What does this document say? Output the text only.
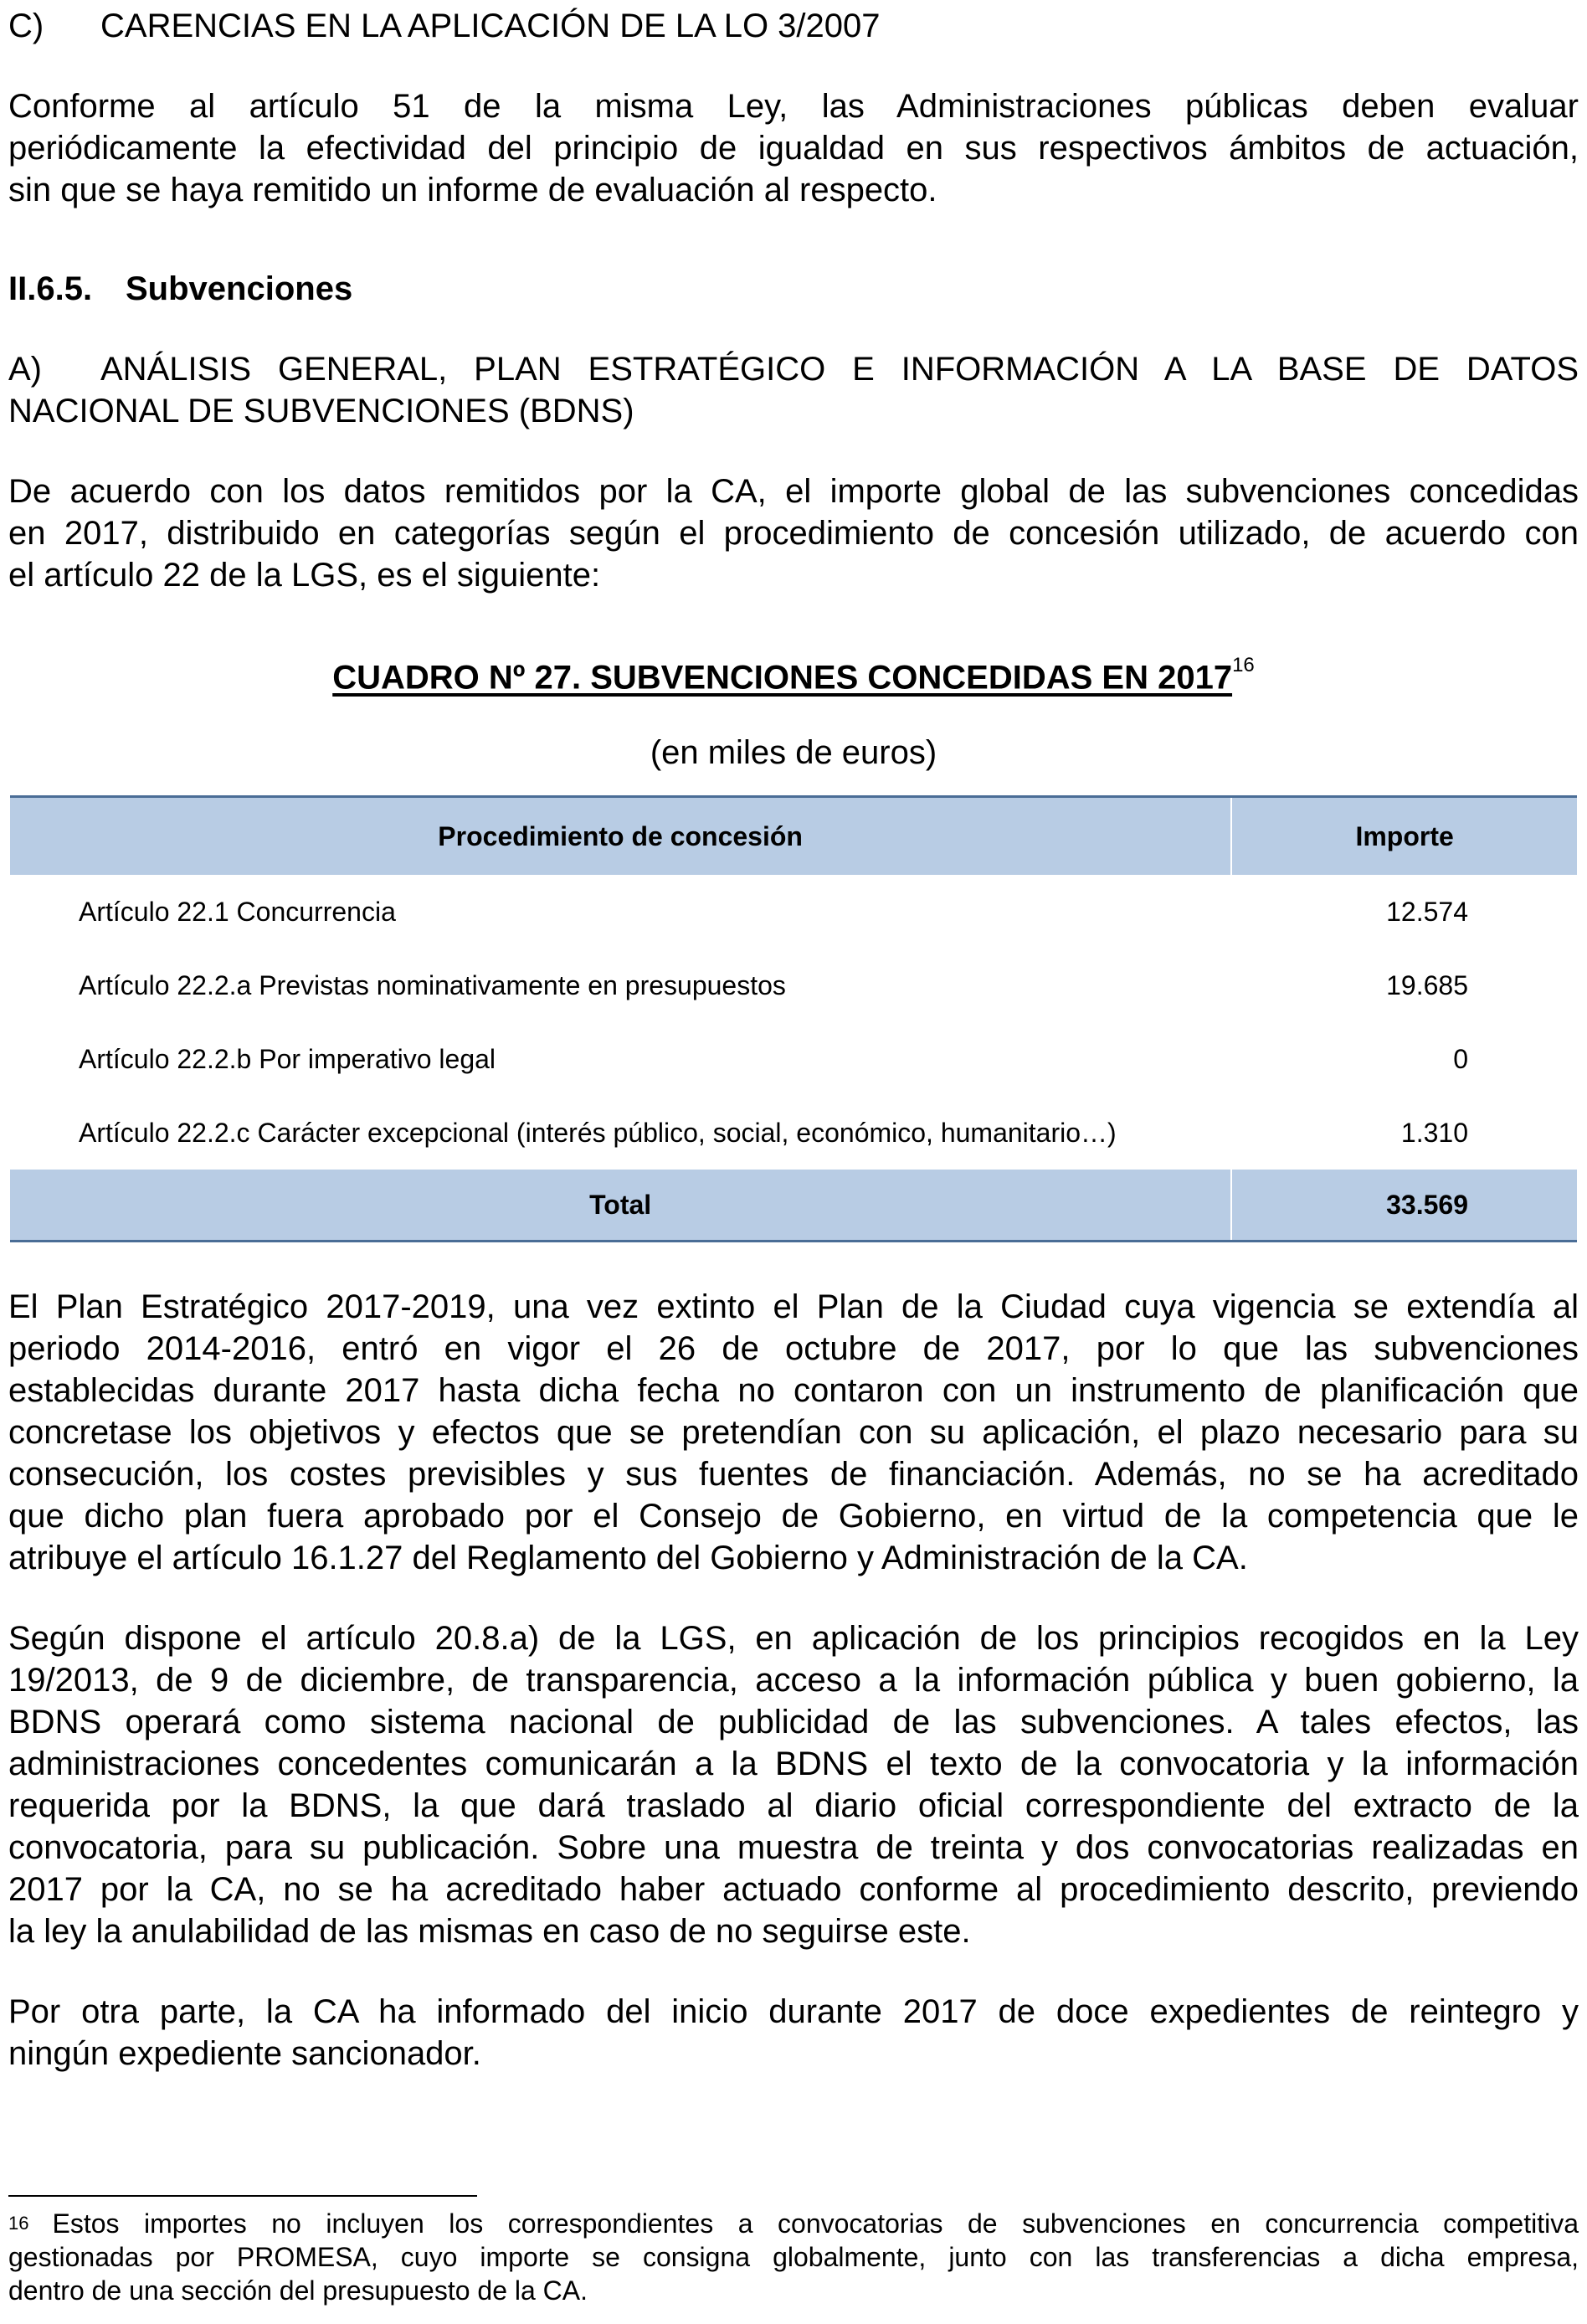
C) CARENCIAS EN LA APLICACIÓN DE LA LO 3/2007

Conforme al artículo 51 de la misma Ley, las Administraciones públicas deben evaluar

periódicamente la efectividad del principio de igualdad en sus respectivos ámbitos de actuación,

sin que se haya remitido un informe de evaluación al respecto.

II.6.5. Subvenciones

A) ANÁLISIS GENERAL, PLAN ESTRATÉGICO E INFORMACIÓN A LA BASE DE DATOS

NACIONAL DE SUBVENCIONES (BDNS)

De acuerdo con los datos remitidos por la CA, el importe global de las subvenciones concedidas

en 2017, distribuido en categorías según el procedimiento de concesión utilizado, de acuerdo con

el artículo 22 de la LGS, es el siguiente:

CUADRO Nº 27. SUBVENCIONES CONCEDIDAS EN 2017$^{16}$
(en miles de euros)
Procedimiento de concesión	Importe
Artículo 22.1 Concurrencia	12.574
Artículo 22.2.a Previstas nominativamente en presupuestos	19.685
Artículo 22.2.b Por imperativo legal	0
Artículo 22.2.c Carácter excepcional (interés público, social, económico, humanitario…)	1.310
Total	33.569

El Plan Estratégico 2017-2019, una vez extinto el Plan de la Ciudad cuya vigencia se extendía al

periodo 2014-2016, entró en vigor el 26 de octubre de 2017, por lo que las subvenciones

establecidas durante 2017 hasta dicha fecha no contaron con un instrumento de planificación que

concretase los objetivos y efectos que se pretendían con su aplicación, el plazo necesario para su

consecución, los costes previsibles y sus fuentes de financiación. Además, no se ha acreditado

que dicho plan fuera aprobado por el Consejo de Gobierno, en virtud de la competencia que le

atribuye el artículo 16.1.27 del Reglamento del Gobierno y Administración de la CA.

Según dispone el artículo 20.8.a) de la LGS, en aplicación de los principios recogidos en la Ley

19/2013, de 9 de diciembre, de transparencia, acceso a la información pública y buen gobierno, la

BDNS operará como sistema nacional de publicidad de las subvenciones. A tales efectos, las

administraciones concedentes comunicarán a la BDNS el texto de la convocatoria y la información

requerida por la BDNS, la que dará traslado al diario oficial correspondiente del extracto de la

convocatoria, para su publicación. Sobre una muestra de treinta y dos convocatorias realizadas en

2017 por la CA, no se ha acreditado haber actuado conforme al procedimiento descrito, previendo

la ley la anulabilidad de las mismas en caso de no seguirse este.

Por otra parte, la CA ha informado del inicio durante 2017 de doce expedientes de reintegro y

ningún expediente sancionador.

$^{16}$ Estos importes no incluyen los correspondientes a convocatorias de subvenciones en concurrencia competitiva
gestionadas por PROMESA, cuyo importe se consigna globalmente, junto con las transferencias a dicha empresa,
dentro de una sección del presupuesto de la CA.
